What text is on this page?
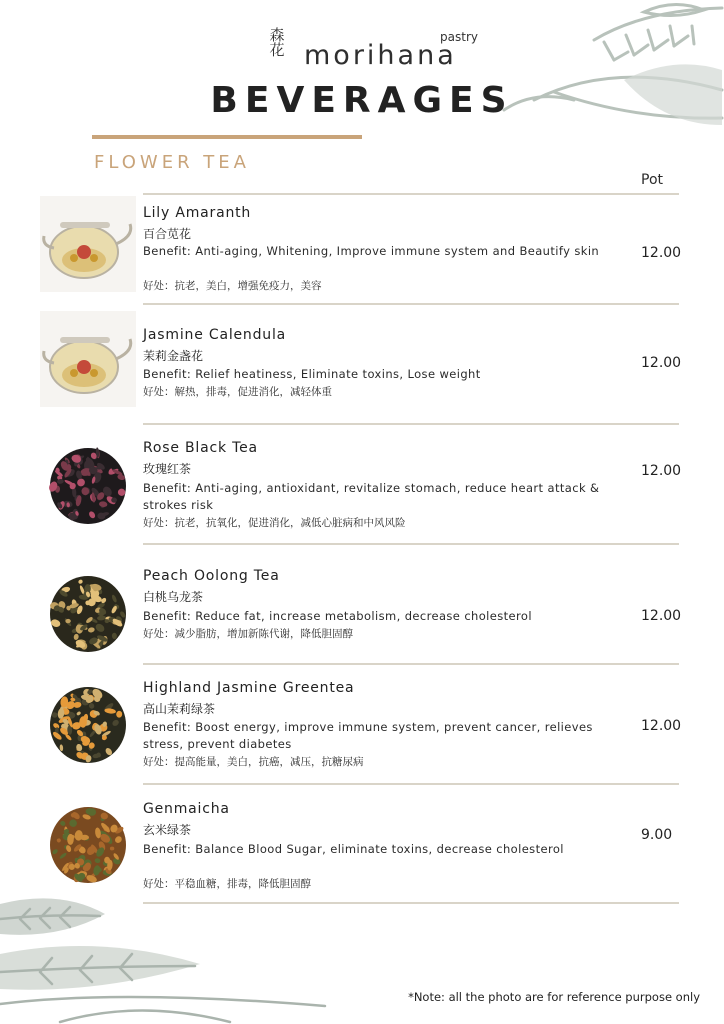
森
花
pastry
morihana
BEVERAGES
FLOWER TEA
Pot
Lily Amaranth
百合苋花
Benefit: Anti-aging, Whitening, Improve immune system and Beautify skin
好处：抗老，美白，增强免疫力，美容
12.00
Jasmine Calendula
茉莉金盏花
Benefit: Relief heatiness, Eliminate toxins, Lose weight
好处：解热，排毒，促进消化，减轻体重
12.00
Rose Black Tea
玫瑰红茶
Benefit: Anti-aging, antioxidant, revitalize stomach, reduce heart attack & strokes risk
好处：抗老，抗氧化，促进消化，减低心脏病和中风风险
12.00
Peach Oolong Tea
白桃乌龙茶
Benefit: Reduce fat, increase metabolism, decrease cholesterol
好处：减少脂肪，增加新陈代谢，降低胆固醇
12.00
Highland Jasmine Greentea
高山茉莉绿茶
Benefit: Boost energy, improve immune system, prevent cancer, relieves stress, prevent diabetes
好处：提高能量，美白，抗癌，减压，抗糖尿病
12.00
Genmaicha
玄米绿茶
Benefit: Balance Blood Sugar, eliminate toxins, decrease cholesterol
好处：平稳血糖，排毒，降低胆固醇
9.00
*Note: all the photo are for reference purpose only
